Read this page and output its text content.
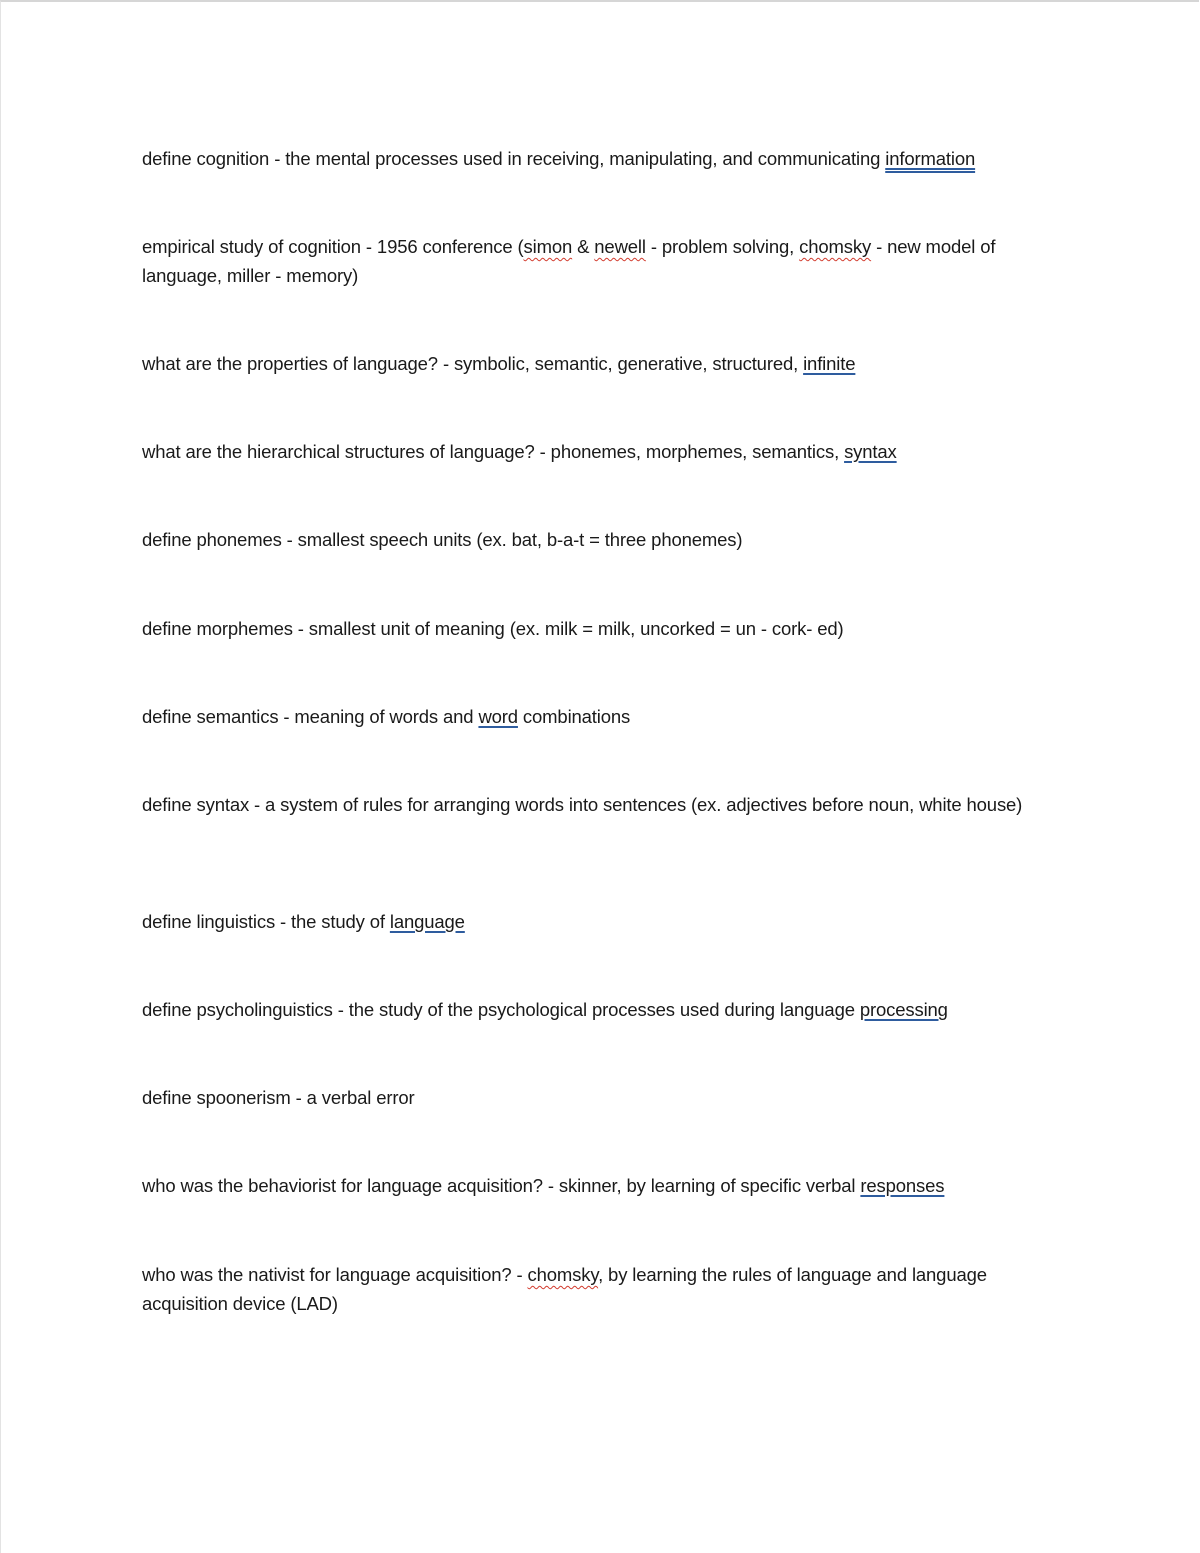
define cognition - the mental processes used in receiving, manipulating, and communicating information

empirical study of cognition - 1956 conference (simon & newell - problem solving, chomsky - new model of language, miller - memory)

what are the properties of language? - symbolic, semantic, generative, structured, infinite

what are the hierarchical structures of language? - phonemes, morphemes, semantics, syntax

define phonemes - smallest speech units (ex. bat, b-a-t = three phonemes)

define morphemes - smallest unit of meaning (ex. milk = milk, uncorked = un - cork- ed)

define semantics - meaning of words and word combinations

define syntax - a system of rules for arranging words into sentences (ex. adjectives before noun, white house)

define linguistics - the study of language

define psycholinguistics - the study of the psychological processes used during language processing

define spoonerism - a verbal error

who was the behaviorist for language acquisition? - skinner, by learning of specific verbal responses

who was the nativist for language acquisition? - chomsky, by learning the rules of language and language acquisition device (LAD)
